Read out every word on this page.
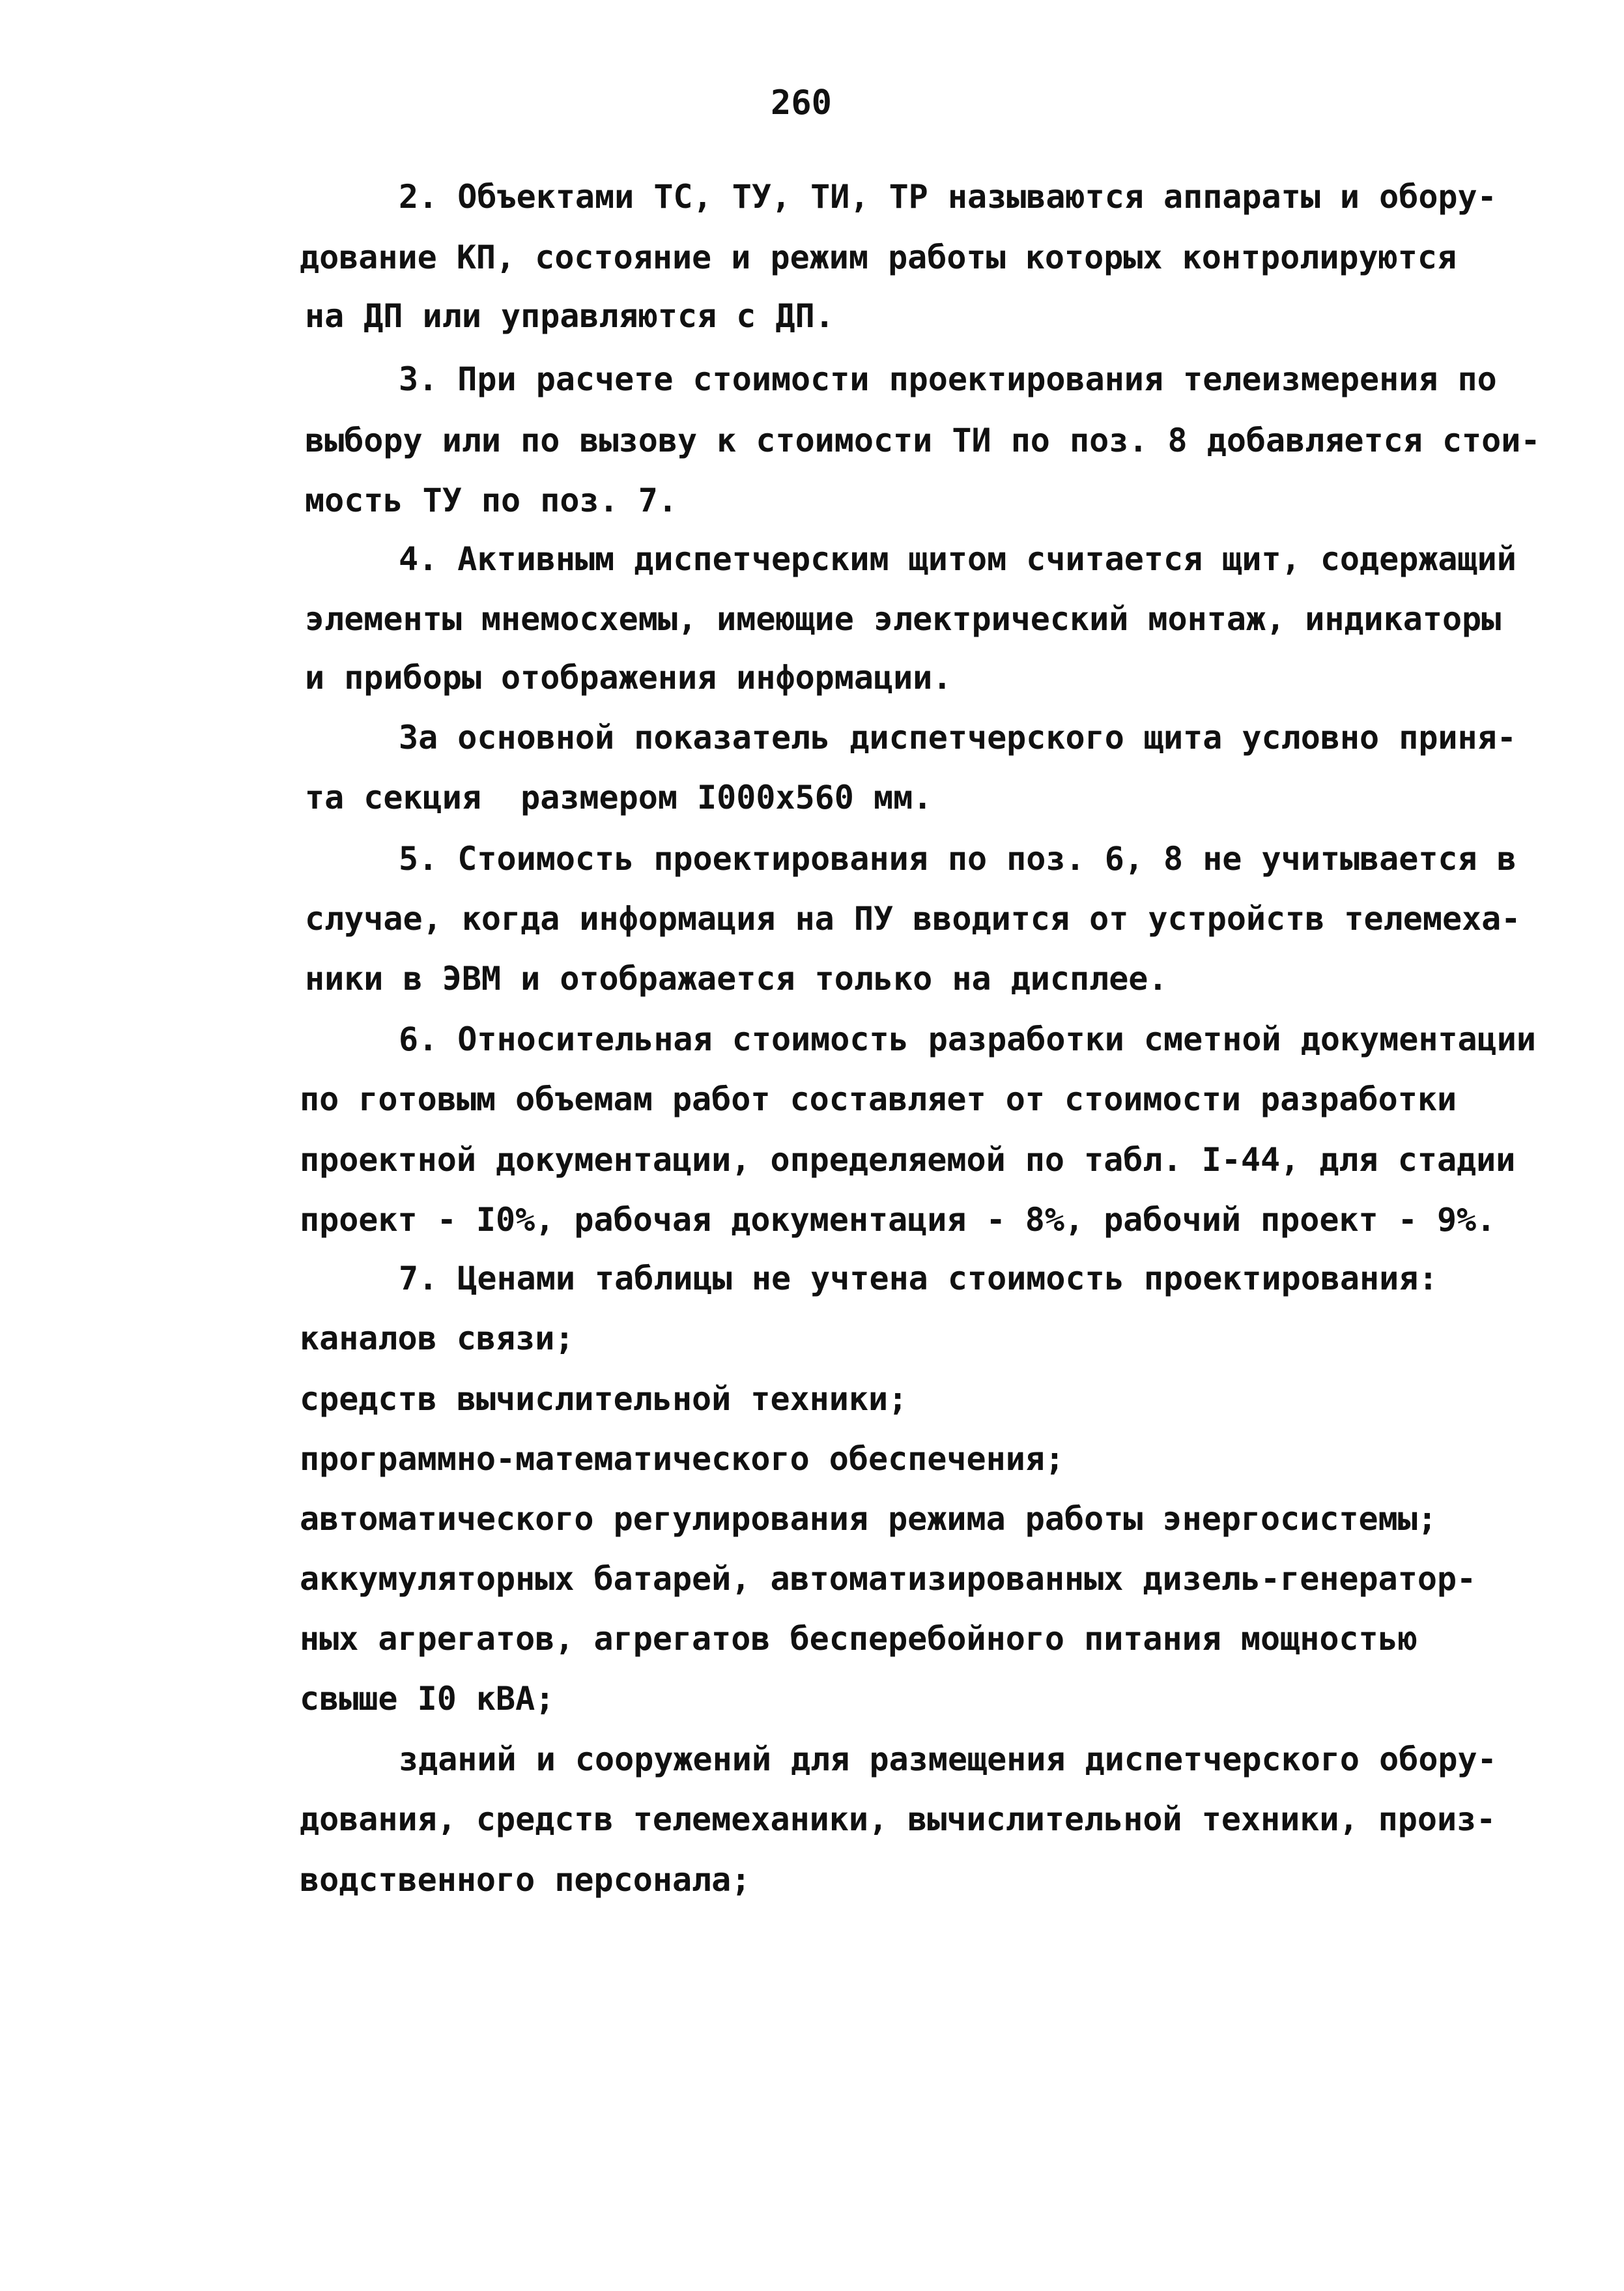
260
2. Объектами ТС, ТУ, ТИ, ТР называются аппараты и обору-
дование КП, состояние и режим работы которых контролируются
на ДП или управляются с ДП.
3. При расчете стоимости проектирования телеизмерения по
выбору или по вызову к стоимости ТИ по поз. 8 добавляется стои-
мость ТУ по поз. 7.
4. Активным диспетчерским щитом считается щит, содержащий
элементы мнемосхемы, имеющие электрический монтаж, индикаторы
и приборы отображения информации.
За основной показатель диспетчерского щита условно приня-
та секция  размером I000х560 мм.
5. Стоимость проектирования по поз. 6, 8 не учитывается в
случае, когда информация на ПУ вводится от устройств телемеха-
ники в ЭВМ и отображается только на дисплее.
6. Относительная стоимость разработки сметной документации
по готовым объемам работ составляет от стоимости разработки
проектной документации, определяемой по табл. I-44, для стадии
проект - I0%, рабочая документация - 8%, рабочий проект - 9%.
7. Ценами таблицы не учтена стоимость проектирования:
каналов связи;
средств вычислительной техники;
программно-математического обеспечения;
автоматического регулирования режима работы энергосистемы;
аккумуляторных батарей, автоматизированных дизель-генератор-
ных агрегатов, агрегатов бесперебойного питания мощностью
свыше I0 кВА;
зданий и сооружений для размещения диспетчерского обору-
дования, средств телемеханики, вычислительной техники, произ-
водственного персонала;
